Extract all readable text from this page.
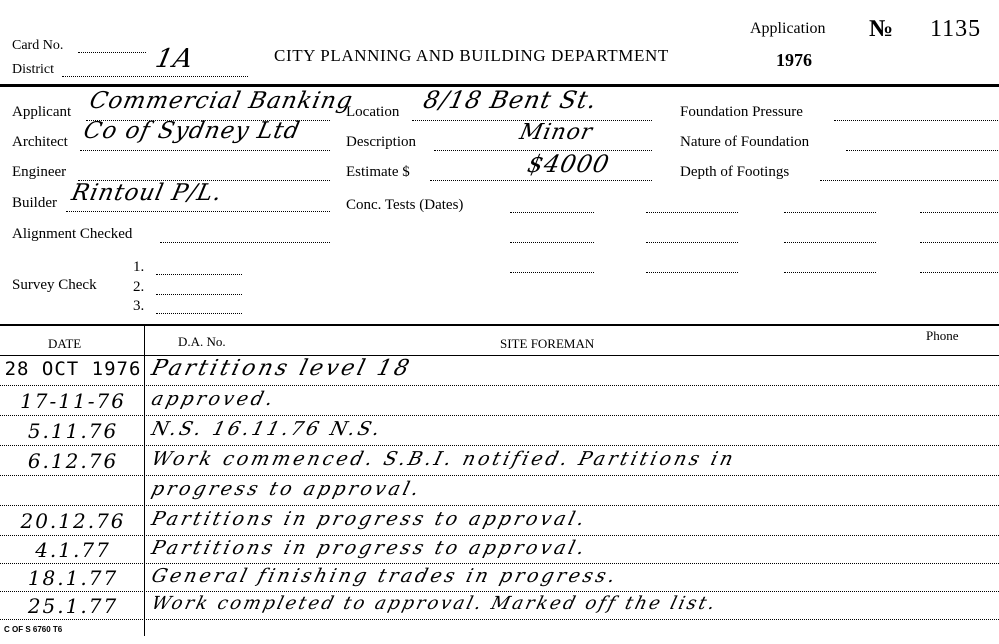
Card No.
District	1A	CITY PLANNING AND BUILDING DEPARTMENT
Application
1976
№ 1135
Applicant Commercial Banking
Architect Co of Sydney Ltd
Engineer
Builder Rintoul P/L.
Alignment Checked
Survey Check
1.
2.
3.
Location 8/18 Bent St.
Description	Minor
Estimate $	$4000
Conc. Tests (Dates)
Foundation Pressure
Nature of Foundation
Depth of Footings
DATE	D.A. No.	SITE FOREMAN
Phone
28 OCT 1976 Partitions level 18
17-11-76	approved.
5.11.76	N.S. 16.11.76 N.S.
6.12.76	Work commenced. S.B.I. notified. Partitions in
progress to approval.
20.12.76	Partitions in progress to approval.
4.1.77	Partitions in progress to approval.
18.1.77	General finishing trades in progress.
25.1.77	Work completed to approval. Marked off the list.
C OF S 6760 T6
